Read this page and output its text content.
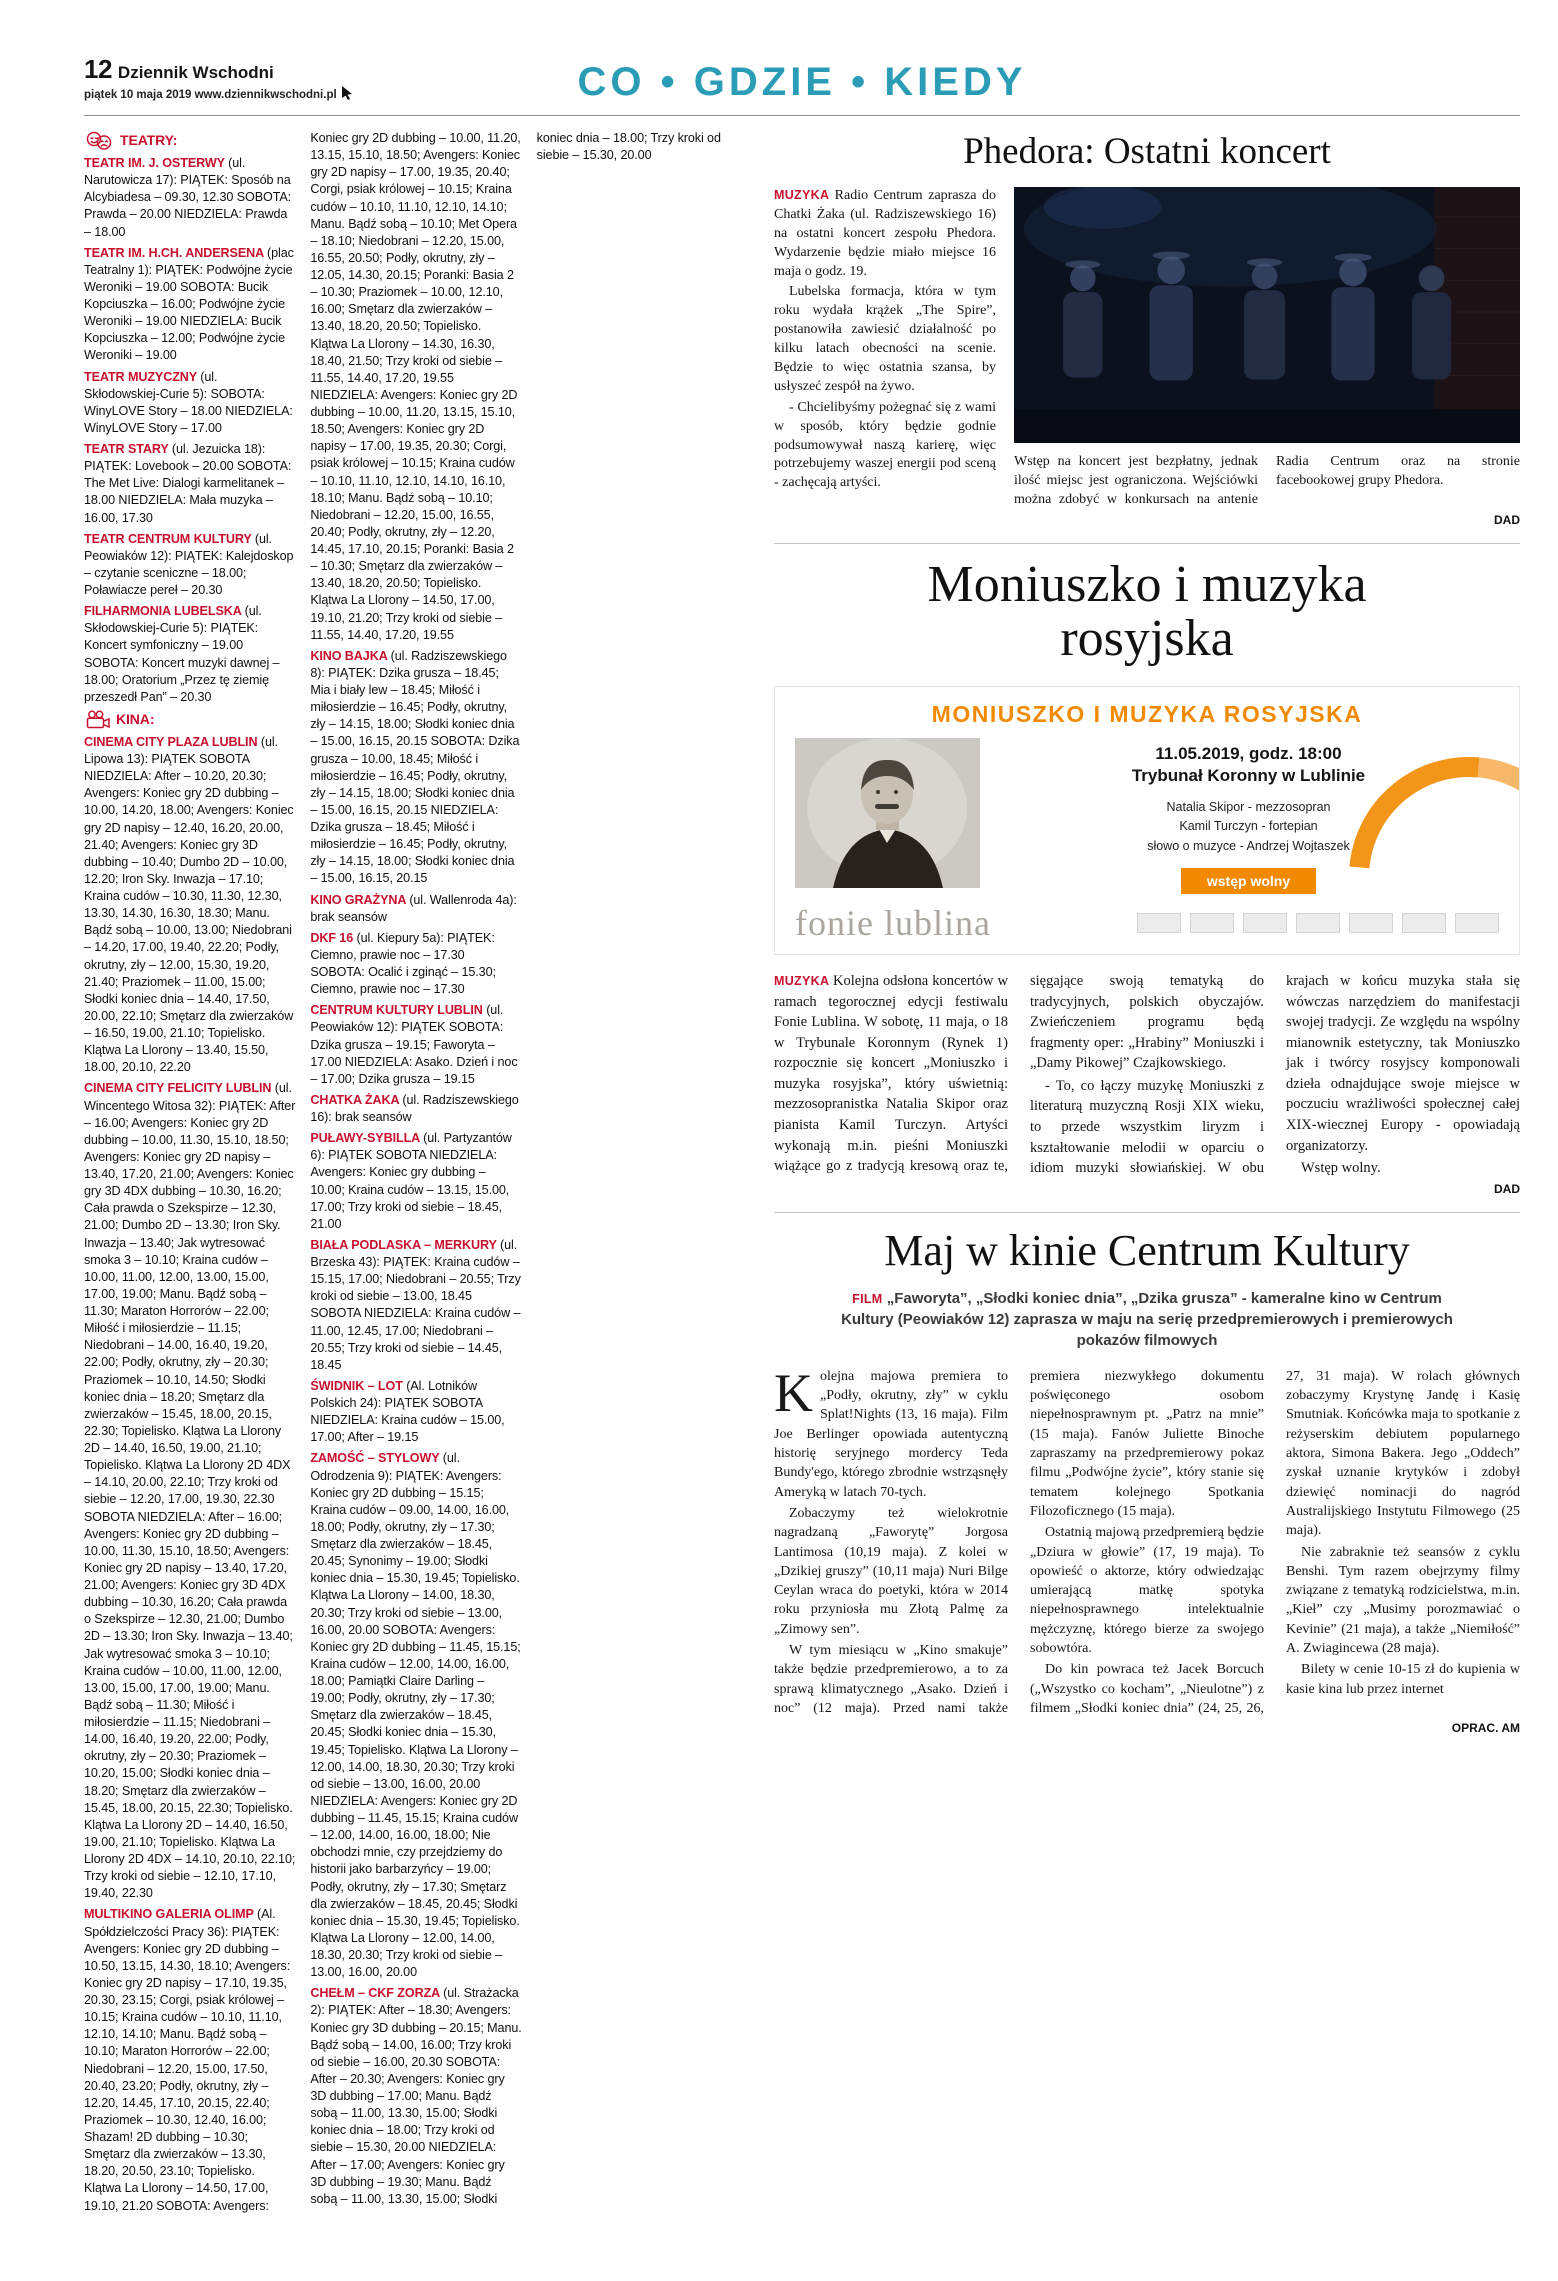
12 Dziennik Wschodni
piątek 10 maja 2019 www.dziennikwschodni.pl	CO • GDZIE • KIEDY
TEATRY:
TEATR IM. J. OSTERWY (ul. Narutowicza 17): PIĄTEK: Sposób na Alcybiadesa – 09.30, 12.30 SOBOTA: Prawda – 20.00 NIEDZIELA: Prawda – 18.00
TEATR IM. H.CH. ANDERSENA (plac Teatralny 1): PIĄTEK: Podwójne życie Weroniki – 19.00 SOBOTA: Bucik Kopciuszka – 16.00; Podwójne życie Weroniki – 19.00 NIEDZIELA: Bucik Kopciuszka – 12.00; Podwójne życie Weroniki – 19.00
TEATR MUZYCZNY (ul. Skłodowskiej-Curie 5): SOBOTA: WinyLOVE Story – 18.00 NIEDZIELA: WinyLOVE Story – 17.00
TEATR STARY (ul. Jezuicka 18): PIĄTEK: Lovebook – 20.00 SOBOTA: The Met Live: Dialogi karmelitanek – 18.00 NIEDZIELA: Mała muzyka – 16.00, 17.30
TEATR CENTRUM KULTURY (ul. Peowiaków 12): PIĄTEK: Kalejdoskop – czytanie sceniczne – 18.00; Poławiacze pereł – 20.30
FILHARMONIA LUBELSKA (ul. Skłodowskiej-Curie 5): PIĄTEK: Koncert symfoniczny – 19.00 SOBOTA: Koncert muzyki dawnej – 18.00; Oratorium „Przez tę ziemię przeszedł Pan” – 20.30
KINA:
CINEMA CITY PLAZA LUBLIN (ul. Lipowa 13): PIĄTEK SOBOTA NIEDZIELA: After – 10.20, 20.30; Avengers: Koniec gry 2D dubbing – 10.00, 14.20, 18.00; Avengers: Koniec gry 2D napisy – 12.40, 16.20, 20.00, 21.40; Avengers: Koniec gry 3D dubbing – 10.40; Dumbo 2D – 10.00, 12.20; Iron Sky. Inwazja – 17.10; Kraina cudów – 10.30, 11.30, 12.30, 13.30, 14.30, 16.30, 18.30; Manu. Bądź sobą – 10.00, 13.00; Niedobrani – 14.20, 17.00, 19.40, 22.20; Podły, okrutny, zły – 12.00, 15.30, 19.20, 21.40; Praziomek – 11.00, 15.00; Słodki koniec dnia – 14.40, 17.50, 20.00, 22.10; Smętarz dla zwierzaków – 16.50, 19.00, 21.10; Topielisko. Klątwa La Llorony – 13.40, 15.50, 18.00, 20.10, 22.20
CINEMA CITY FELICITY LUBLIN (ul. Wincentego Witosa 32): PIĄTEK: After – 16.00; Avengers: Koniec gry 2D dubbing – 10.00, 11.30, 15.10, 18.50; Avengers: Koniec gry 2D napisy – 13.40, 17.20, 21.00; Avengers: Koniec gry 3D 4DX dubbing – 10.30, 16.20; Cała prawda o Szekspirze – 12.30, 21.00; Dumbo 2D – 13.30; Iron Sky. Inwazja – 13.40; Jak wytresować smoka 3 – 10.10; Kraina cudów – 10.00, 11.00, 12.00, 13.00, 15.00, 17.00, 19.00; Manu. Bądź sobą – 11.30; Maraton Horrorów – 22.00; Miłość i miłosierdzie – 11.15; Niedobrani – 14.00, 16.40, 19.20, 22.00; Podły, okrutny, zły – 20.30; Praziomek – 10.10, 14.50; Słodki koniec dnia – 18.20; Smętarz dla zwierzaków – 15.45, 18.00, 20.15, 22.30; Topielisko. Klątwa La Llorony 2D – 14.40, 16.50, 19.00, 21.10; Topielisko. Klątwa La Llorony 2D 4DX – 14.10, 20.00, 22.10; Trzy kroki od siebie – 12.20, 17.00, 19.30, 22.30 SOBOTA NIEDZIELA: After – 16.00; Avengers: Koniec gry 2D dubbing – 10.00, 11.30, 15.10, 18.50; Avengers: Koniec gry 2D napisy – 13.40, 17.20, 21.00; Avengers: Koniec gry 3D 4DX dubbing – 10.30, 16.20; Cała prawda o Szekspirze – 12.30, 21.00; Dumbo 2D – 13.30; Iron Sky. Inwazja – 13.40; Jak wytresować smoka 3 – 10.10; Kraina cudów – 10.00, 11.00, 12.00, 13.00, 15.00, 17.00, 19.00; Manu. Bądź sobą – 11.30; Miłość i miłosierdzie – 11.15; Niedobrani – 14.00, 16.40, 19.20, 22.00; Podły, okrutny, zły – 20.30; Praziomek – 10.20, 15.00; Słodki koniec dnia – 18.20; Smętarz dla zwierzaków – 15.45, 18.00, 20.15, 22.30; Topielisko. Klątwa La Llorony 2D – 14.40, 16.50, 19.00, 21.10; Topielisko. Klątwa La Llorony 2D 4DX – 14.10, 20.10, 22.10; Trzy kroki od siebie – 12.10, 17.10, 19.40, 22.30
MULTIKINO GALERIA OLIMP (Al. Spółdzielczości Pracy 36): PIĄTEK: Avengers: Koniec gry 2D dubbing – 10.50, 13.15, 14.30, 18.10; Avengers: Koniec gry 2D napisy – 17.10, 19.35, 20.30, 23.15; Corgi, psiak królowej – 10.15; Kraina cudów – 10.10, 11.10, 12.10, 14.10; Manu. Bądź sobą – 10.10; Maraton Horrorów – 22.00; Niedobrani – 12.20, 15.00, 17.50, 20.40, 23.20; Podły, okrutny, zły – 12.20, 14.45, 17.10, 20.15, 22.40; Praziomek – 10.30, 12.40, 16.00; Shazam! 2D dubbing – 10.30; Smętarz dla zwierzaków – 13.30, 18.20, 20.50, 23.10; Topielisko. Klątwa La Llorony – 14.50, 17.00, 19.10, 21.20 SOBOTA: Avengers: Koniec gry 2D dubbing – 10.00, 11.20, 13.15, 15.10, 18.50; Avengers: Koniec gry 2D napisy – 17.00, 19.35, 20.40; Corgi, psiak królowej – 10.15; Kraina cudów – 10.10, 11.10, 12.10, 14.10; Manu. Bądź sobą – 10.10; Met Opera – 18.10; Niedobrani – 12.20, 15.00, 16.55, 20.50; Podły, okrutny, zły – 12.05, 14.30, 20.15; Poranki: Basia 2 – 10.30; Praziomek – 10.00, 12.10, 16.00; Smętarz dla zwierzaków – 13.40, 18.20, 20.50; Topielisko. Klątwa La Llorony – 14.30, 16.30, 18.40, 21.50; Trzy kroki od siebie – 11.55, 14.40, 17.20, 19.55 NIEDZIELA: Avengers: Koniec gry 2D dubbing – 10.00, 11.20, 13.15, 15.10, 18.50; Avengers: Koniec gry 2D napisy – 17.00, 19.35, 20.30; Corgi, psiak królowej – 10.15; Kraina cudów – 10.10, 11.10, 12.10, 14.10, 16.10, 18.10; Manu. Bądź sobą – 10.10; Niedobrani – 12.20, 15.00, 16.55, 20.40; Podły, okrutny, zły – 12.20, 14.45, 17.10, 20.15; Poranki: Basia 2 – 10.30; Smętarz dla zwierzaków – 13.40, 18.20, 20.50; Topielisko. Klątwa La Llorony – 14.50, 17.00, 19.10, 21.20; Trzy kroki od siebie – 11.55, 14.40, 17.20, 19.55
KINO BAJKA (ul. Radziszewskiego 8): PIĄTEK: Dzika grusza – 18.45; Mia i biały lew – 18.45; Miłość i miłosierdzie – 16.45; Podły, okrutny, zły – 14.15, 18.00; Słodki koniec dnia – 15.00, 16.15, 20.15 SOBOTA: Dzika grusza – 10.00, 18.45; Miłość i miłosierdzie – 16.45; Podły, okrutny, zły – 14.15, 18.00; Słodki koniec dnia – 15.00, 16.15, 20.15 NIEDZIELA: Dzika grusza – 18.45; Miłość i miłosierdzie – 16.45; Podły, okrutny, zły – 14.15, 18.00; Słodki koniec dnia – 15.00, 16.15, 20.15
KINO GRAŻYNA (ul. Wallenroda 4a): brak seansów
DKF 16 (ul. Kiepury 5a): PIĄTEK: Ciemno, prawie noc – 17.30 SOBOTA: Ocalić i zginąć – 15.30; Ciemno, prawie noc – 17.30
CENTRUM KULTURY LUBLIN (ul. Peowiaków 12): PIĄTEK SOBOTA: Dzika grusza – 19.15; Faworyta – 17.00 NIEDZIELA: Asako. Dzień i noc – 17.00; Dzika grusza – 19.15
CHATKA ŻAKA (ul. Radziszewskiego 16): brak seansów
PUŁAWY-SYBILLA (ul. Partyzantów 6): PIĄTEK SOBOTA NIEDZIELA: Avengers: Koniec gry dubbing – 10.00; Kraina cudów – 13.15, 15.00, 17.00; Trzy kroki od siebie – 18.45, 21.00
BIAŁA PODLASKA – MERKURY (ul. Brzeska 43): PIĄTEK: Kraina cudów – 15.15, 17.00; Niedobrani – 20.55; Trzy kroki od siebie – 13.00, 18.45 SOBOTA NIEDZIELA: Kraina cudów – 11.00, 12.45, 17.00; Niedobrani – 20.55; Trzy kroki od siebie – 14.45, 18.45
ŚWIDNIK – LOT (Al. Lotników Polskich 24): PIĄTEK SOBOTA NIEDZIELA: Kraina cudów – 15.00, 17.00; After – 19.15
ZAMOŚĆ – STYLOWY (ul. Odrodzenia 9): PIĄTEK: Avengers: Koniec gry 2D dubbing – 15.15; Kraina cudów – 09.00, 14.00, 16.00, 18.00; Podły, okrutny, zły – 17.30; Smętarz dla zwierzaków – 18.45, 20.45; Synonimy – 19.00; Słodki koniec dnia – 15.30, 19.45; Topielisko. Klątwa La Llorony – 14.00, 18.30, 20.30; Trzy kroki od siebie – 13.00, 16.00, 20.00 SOBOTA: Avengers: Koniec gry 2D dubbing – 11.45, 15.15; Kraina cudów – 12.00, 14.00, 16.00, 18.00; Pamiątki Claire Darling – 19.00; Podły, okrutny, zły – 17.30; Smętarz dla zwierzaków – 18.45, 20.45; Słodki koniec dnia – 15.30, 19.45; Topielisko. Klątwa La Llorony – 12.00, 14.00, 18.30, 20.30; Trzy kroki od siebie – 13.00, 16.00, 20.00 NIEDZIELA: Avengers: Koniec gry 2D dubbing – 11.45, 15.15; Kraina cudów – 12.00, 14.00, 16.00, 18.00; Nie obchodzi mnie, czy przejdziemy do historii jako barbarzyńcy – 19.00; Podły, okrutny, zły – 17.30; Smętarz dla zwierzaków – 18.45, 20.45; Słodki koniec dnia – 15.30, 19.45; Topielisko. Klątwa La Llorony – 12.00, 14.00, 18.30, 20.30; Trzy kroki od siebie – 13.00, 16.00, 20.00
CHEŁM – CKF ZORZA (ul. Strażacka 2): PIĄTEK: After – 18.30; Avengers: Koniec gry 3D dubbing – 20.15; Manu. Bądź sobą – 14.00, 16.00; Trzy kroki od siebie – 16.00, 20.30 SOBOTA: After – 20.30; Avengers: Koniec gry 3D dubbing – 17.00; Manu. Bądź sobą – 11.00, 13.30, 15.00; Słodki koniec dnia – 18.00; Trzy kroki od siebie – 15.30, 20.00 NIEDZIELA: After – 17.00; Avengers: Koniec gry 3D dubbing – 19.30; Manu. Bądź sobą – 11.00, 13.30, 15.00; Słodki koniec dnia – 18.00; Trzy kroki od siebie – 15.30, 20.00	Phedora: Ostatni koncert

MUZYKA Radio Centrum zaprasza do Chatki Żaka (ul. Radziszewskiego 16) na ostatni koncert zespołu Phedora. Wydarzenie będzie miało miejsce 16 maja o godz. 19.

Lubelska formacja, która w tym roku wydała krążek „The Spire”, postanowiła zawiesić działalność po kilku latach obecności na scenie. Będzie to więc ostatnia szansa, by usłyszeć zespół na żywo.

- Chcielibyśmy pożegnać się z wami w sposób, który będzie godnie podsumowywał naszą karierę, więc potrzebujemy waszej energii pod sceną - zachęcają artyści.

Wstęp na koncert jest bezpłatny, jednak ilość miejsc jest ograniczona. Wejściówki można zdobyć w konkursach na antenie Radia Centrum oraz na stronie facebookowej grupy Phedora.

DAD
Moniuszko i muzyka rosyjska
MONIUSZKO I MUZYKA ROSYJSKA
11.05.2019, godz. 18:00
Trybunał Koronny w Lublinie
Natalia Skipor - mezzosopran
Kamil Turczyn - fortepian
słowo o muzyce - Andrzej Wojtaszek
wstęp wolny
fonie lublina

MUZYKA Kolejna odsłona koncertów w ramach tegorocznej edycji festiwalu Fonie Lublina. W sobotę, 11 maja, o 18 w Trybunale Koronnym (Rynek 1) rozpocznie się koncert „Moniuszko i muzyka rosyjska”, który uświetnią: mezzosopranistka Natalia Skipor oraz pianista Kamil Turczyn. Artyści wykonają m.in. pieśni Moniuszki wiążące go z tradycją kresową oraz te, sięgające swoją tematyką do tradycyjnych, polskich obyczajów. Zwieńczeniem programu będą fragmenty oper: „Hrabiny” Moniuszki i „Damy Pikowej” Czajkowskiego.

- To, co łączy muzykę Moniuszki z literaturą muzyczną Rosji XIX wieku, to przede wszystkim liryzm i kształtowanie melodii w oparciu o idiom muzyki słowiańskiej. W obu krajach w końcu muzyka stała się wówczas narzędziem do manifestacji swojej tradycji. Ze względu na wspólny mianownik estetyczny, tak Moniuszko jak i twórcy rosyjscy komponowali dzieła odnajdujące swoje miejsce w poczuciu wrażliwości społecznej całej XIX-wiecznej Europy - opowiadają organizatorzy.

Wstęp wolny.

DAD
Maj w kinie Centrum Kultury

FILM „Faworyta”, „Słodki koniec dnia”, „Dzika grusza” - kameralne kino w Centrum Kultury (Peowiaków 12) zaprasza w maju na serię przedpremierowych i premierowych pokazów filmowych

Kolejna majowa premiera to „Podły, okrutny, zły” w cyklu Splat!Nights (13, 16 maja). Film Joe Berlinger opowiada autentyczną historię seryjnego mordercy Teda Bundy'ego, którego zbrodnie wstrząsnęły Ameryką w latach 70-tych.

Zobaczymy też wielokrotnie nagradzaną „Faworytę” Jorgosa Lantimosa (10,19 maja). Z kolei w „Dzikiej gruszy” (10,11 maja) Nuri Bilge Ceylan wraca do poetyki, która w 2014 roku przyniosła mu Złotą Palmę za „Zimowy sen”.

W tym miesiącu w „Kino smakuje” także będzie przedpremierowo, a to za sprawą klimatycznego „Asako. Dzień i noc” (12 maja). Przed nami także premiera niezwykłego dokumentu poświęconego osobom niepełnosprawnym pt. „Patrz na mnie” (15 maja). Fanów Juliette Binoche zapraszamy na przedpremierowy pokaz filmu „Podwójne życie”, który stanie się tematem kolejnego Spotkania Filozoficznego (15 maja).

Ostatnią majową przedpremierą będzie „Dziura w głowie” (17, 19 maja). To opowieść o aktorze, który odwiedzając umierającą matkę spotyka niepełnosprawnego intelektualnie mężczyznę, którego bierze za swojego sobowtóra.

Do kin powraca też Jacek Borcuch („Wszystko co kocham”, „Nieulotne”) z filmem „Słodki koniec dnia” (24, 25, 26, 27, 31 maja). W rolach głównych zobaczymy Krystynę Jandę i Kasię Smutniak. Końcówka maja to spotkanie z reżyserskim debiutem popularnego aktora, Simona Bakera. Jego „Oddech” zyskał uznanie krytyków i zdobył dziewięć nominacji do nagród Australijskiego Instytutu Filmowego (25 maja).

Nie zabraknie też seansów z cyklu Benshi. Tym razem obejrzymy filmy związane z tematyką rodzicielstwa, m.in. „Kieł” czy „Musimy porozmawiać o Kevinie” (21 maja), a także „Niemiłość” A. Zwiagincewa (28 maja).

Bilety w cenie 10-15 zł do kupienia w kasie kina lub przez internet

OPRAC. AM
